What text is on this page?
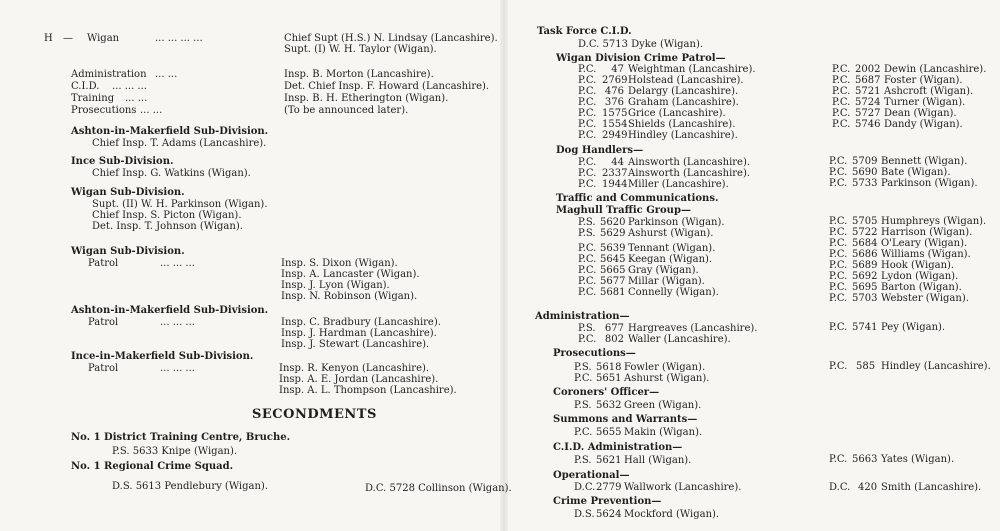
H — Wigan	... ... ... ...	Chief Supt (H.S.) N. Lindsay (Lancashire).
Supt. (I) W. H. Taylor (Wigan).
Administration ... ...	Insp. B. Morton (Lancashire).
C.I.D. ... ... ...	Det. Chief Insp. F. Howard (Lancashire).
Training ... ...	Insp. B. H. Etherington (Wigan).
Prosecutions ... ...	(To be announced later).
Ashton-in-Makerfield Sub-Division.
Chief Insp. T. Adams (Lancashire).
Ince Sub-Division.
Chief Insp. G. Watkins (Wigan).
Wigan Sub-Division.
Supt. (II) W. H. Parkinson (Wigan).
Chief Insp. S. Picton (Wigan).
Det. Insp. T. Johnson (Wigan).
Wigan Sub-Division.
Patrol	... ... ...	Insp. S. Dixon (Wigan).
Insp. A. Lancaster (Wigan).
Insp. J. Lyon (Wigan).
Insp. N. Robinson (Wigan).
Ashton-in-Makerfield Sub-Division.
Patrol	... ... ...	Insp. C. Bradbury (Lancashire).
Insp. J. Hardman (Lancashire).
Insp. J. Stewart (Lancashire).
Ince-in-Makerfield Sub-Division.
Patrol	... ... ...	Insp. R. Kenyon (Lancashire).
Insp. A. E. Jordan (Lancashire).
Insp. A. L. Thompson (Lancashire).
SECONDMENTS
No. 1 District Training Centre, Bruche.
P.S. 5633 Knipe (Wigan).
No. 1 Regional Crime Squad.
D.S. 5613 Pendlebury (Wigan).	D.C. 5728 Collinson (Wigan).
Task Force C.I.D.
D.C. 5713 Dyke (Wigan).
Wigan Division Crime Patrol—
P.C.	47 Weightman (Lancashire).
P.C. 2769 Holstead (Lancashire).
P.C. 476 Delargy (Lancashire).
P.C. 376 Graham (Lancashire).
P.C. 1575 Grice (Lancashire).
P.C. 1554 Shields (Lancashire).
P.C. 2949 Hindley (Lancashire).
P.C. 2002 Dewin (Lancashire).
P.C. 5687 Foster (Wigan).
P.C. 5721 Ashcroft (Wigan).
P.C. 5724 Turner (Wigan).
P.C. 5727 Dean (Wigan).
P.C. 5746 Dandy (Wigan).
Dog Handlers—
P.C.	44 Ainsworth (Lancashire).
P.C. 2337 Ainsworth (Lancashire).
P.C. 1944 Miller (Lancashire).
P.C. 5709 Bennett (Wigan).
P.C. 5690 Bate (Wigan).
P.C. 5733 Parkinson (Wigan).
Traffic and Communications.
Maghull Traffic Group—
P.S. 5620 Parkinson (Wigan).
P.S. 5629 Ashurst (Wigan).
P.C. 5639 Tennant (Wigan).
P.C. 5645 Keegan (Wigan).
P.C. 5665 Gray (Wigan).
P.C. 5677 Millar (Wigan).
P.C. 5681 Connelly (Wigan).
P.C. 5705 Humphreys (Wigan).
P.C. 5722 Harrison (Wigan).
P.C. 5684 O'Leary (Wigan).
P.C. 5686 Williams (Wigan).
P.C. 5689 Hook (Wigan).
P.C. 5692 Lydon (Wigan).
P.C. 5695 Barton (Wigan).
P.C. 5703 Webster (Wigan).
Administration—
P.S. 677 Hargreaves (Lancashire).
P.C. 802 Waller (Lancashire).
P.C. 5741 Pey (Wigan).
Prosecutions—
P.S. 5618 Fowler (Wigan).
P.C. 5651 Ashurst (Wigan).
P.C. 585 Hindley (Lancashire).
Coroners' Officer—
P.S. 5632 Green (Wigan).
Summons and Warrants—
P.C. 5655 Makin (Wigan).
C.I.D. Administration—
P.S. 5621 Hall (Wigan).	P.C. 5663 Yates (Wigan).
Operational—
D.C. 2779 Wallwork (Lancashire).	D.C. 420 Smith (Lancashire).
Crime Prevention—
D.S. 5624 Mockford (Wigan).
